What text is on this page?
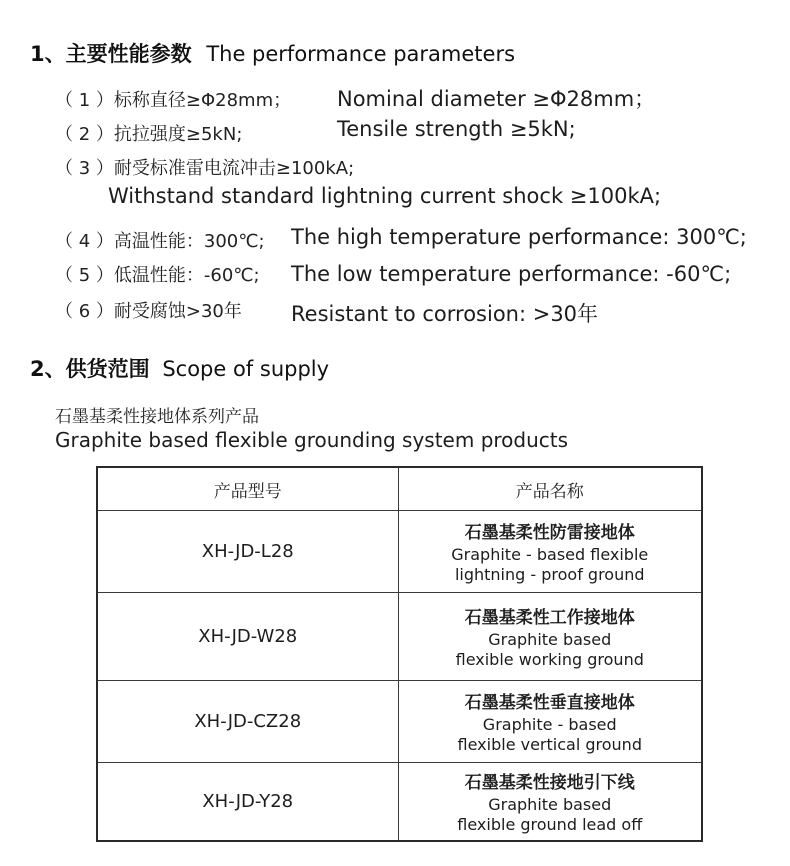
1、主要性能参数 The performance parameters
（ 1 ）标称直径≥Φ28mm； Nominal diameter ≥Φ28mm；
（ 2 ）抗拉强度≥5kN;	Tensile strength ≥5kN;
（ 3 ）耐受标准雷电流冲击≥100kA;
Withstand standard lightning current shock ≥100kA;
（ 4 ）高温性能：300℃; The high temperature performance: 300℃;
（ 5 ）低温性能：-60℃; The low temperature performance: -60℃;
（ 6 ）耐受腐蚀>30年 Resistant to corrosion: >30年
2、供货范围 Scope of supply
石墨基柔性接地体系列产品
Graphite based flexible grounding system products
产品型号	产品名称
XH-JD-L28	石墨基柔性防雷接地体
Graphite - based flexible
lightning - proof ground

XH-JD-W28	石墨基柔性工作接地体
Graphite based
flexible working ground

XH-JD-CZ28	石墨基柔性垂直接地体
Graphite - based
flexible vertical ground

XH-JD-Y28	石墨基柔性接地引下线
Graphite based
flexible ground lead off
